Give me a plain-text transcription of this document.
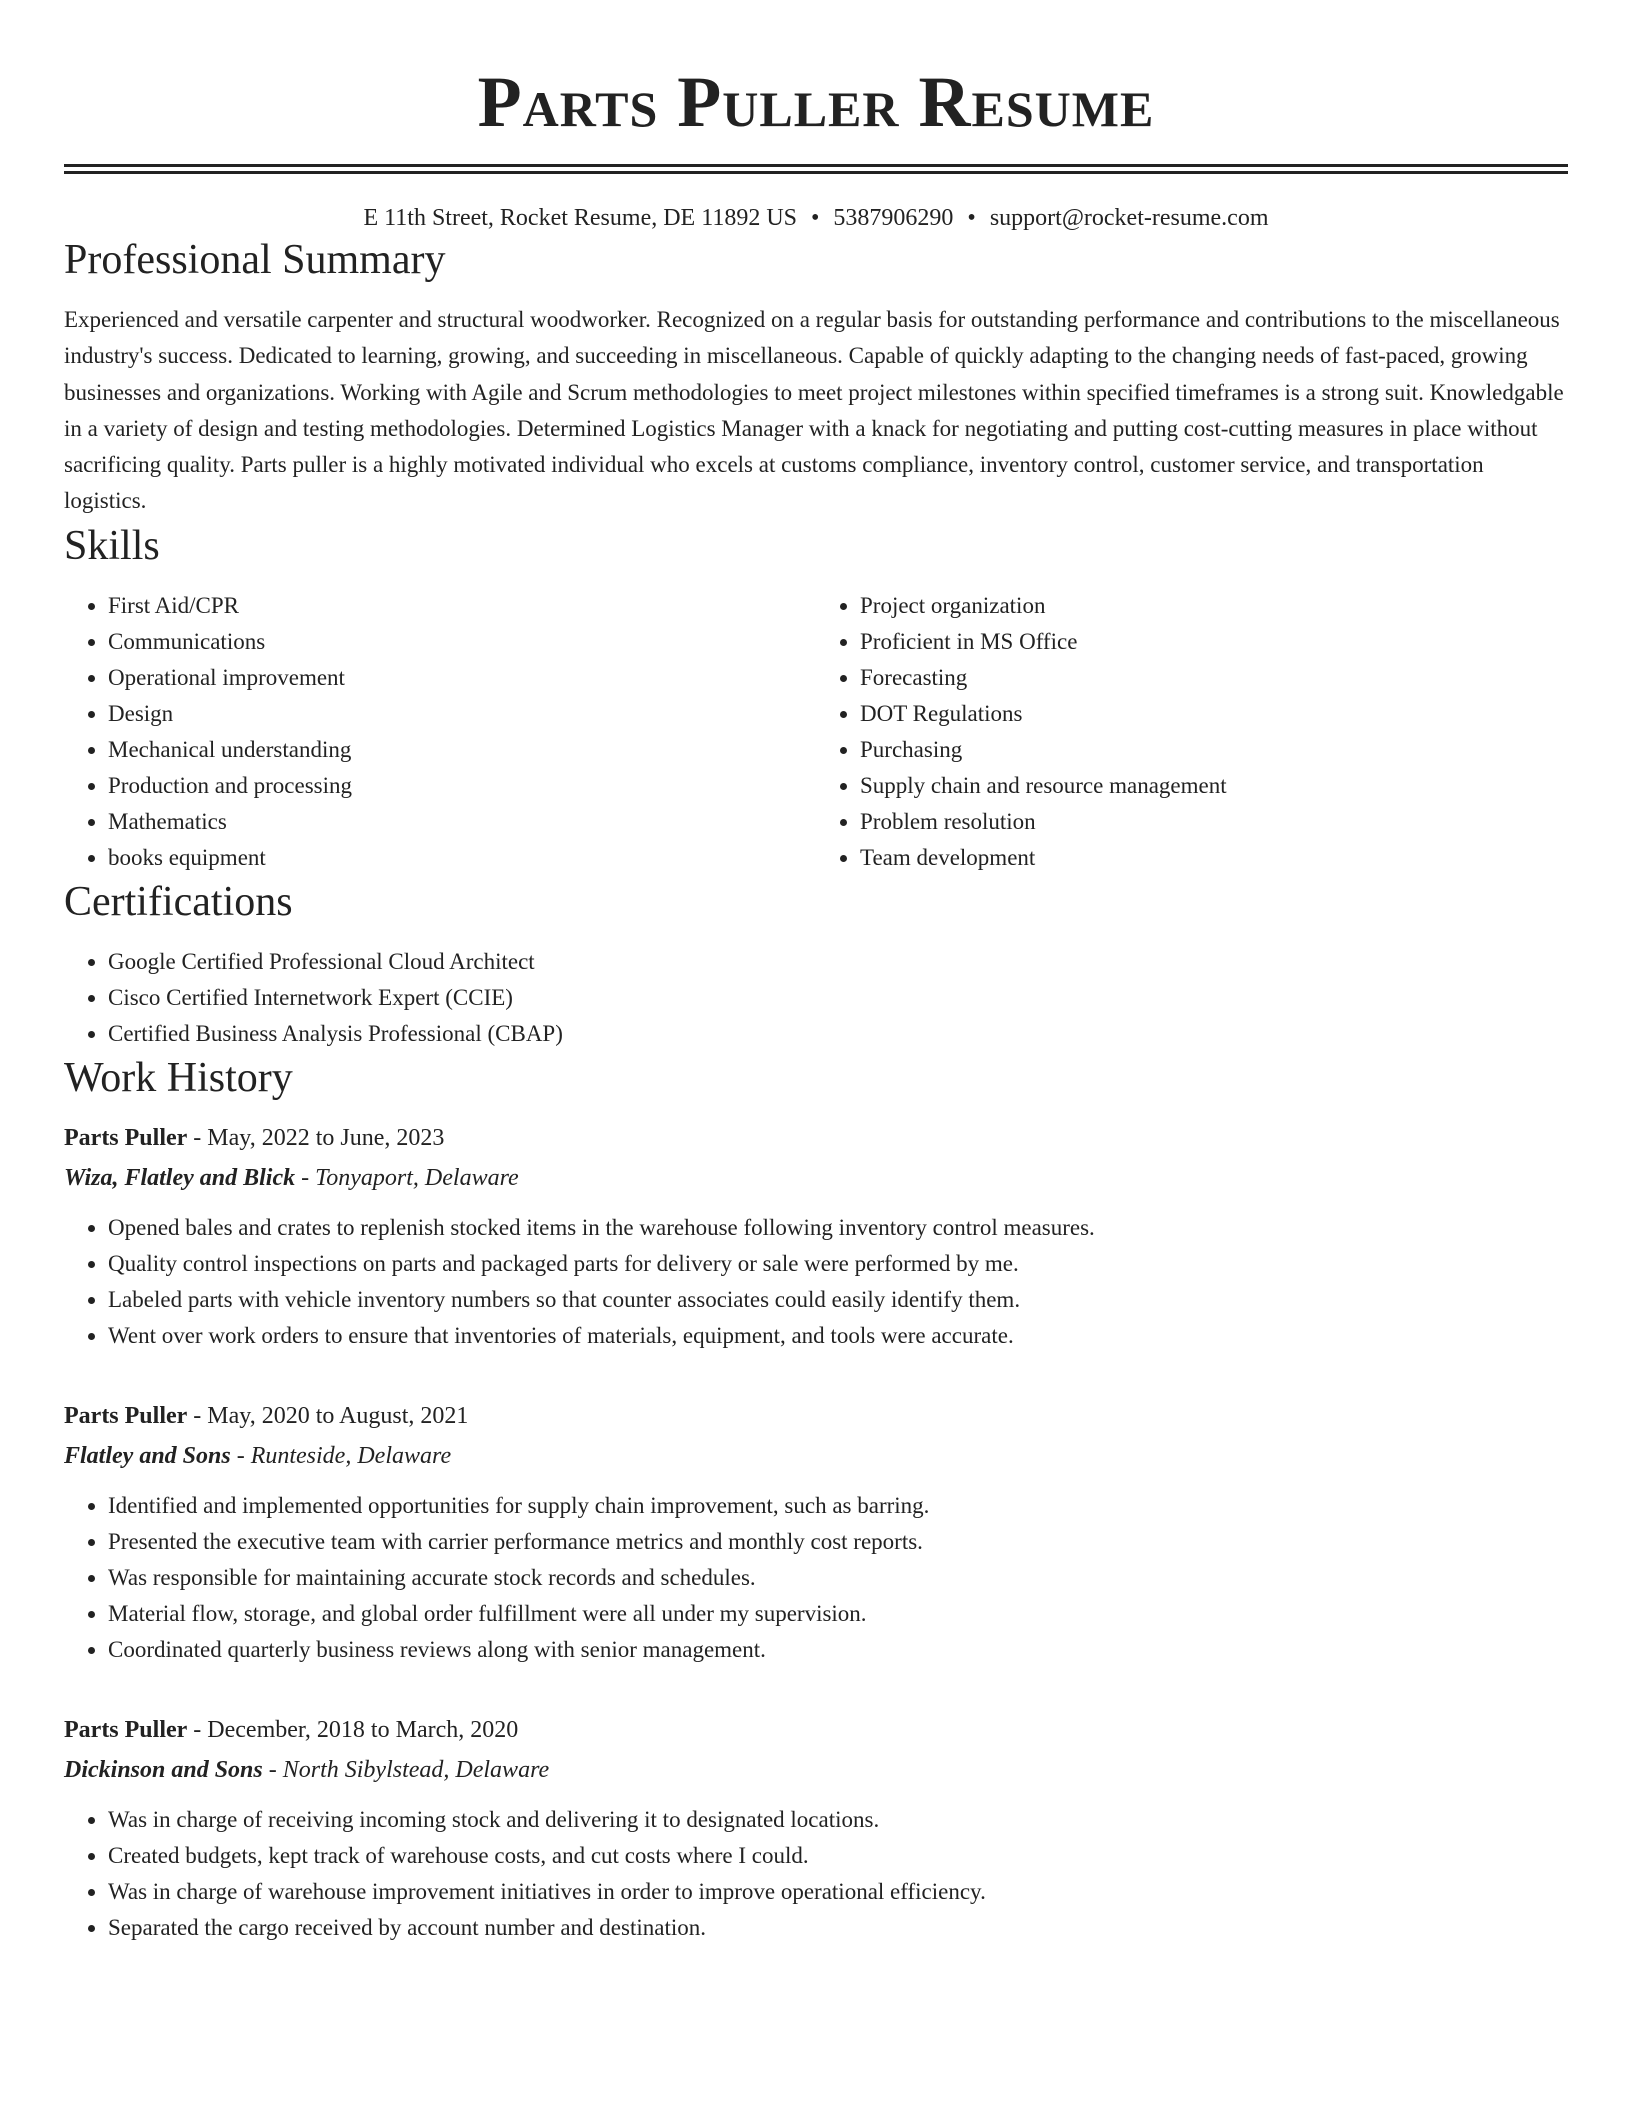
Parts Puller Resume
E 11th Street, Rocket Resume, DE 11892 US • 5387906290 • support@rocket-resume.com
Professional Summary

Experienced and versatile carpenter and structural woodworker. Recognized on a regular basis for outstanding performance and contributions to the miscellaneous industry's success. Dedicated to learning, growing, and succeeding in miscellaneous. Capable of quickly adapting to the changing needs of fast-paced, growing businesses and organizations. Working with Agile and Scrum methodologies to meet project milestones within specified timeframes is a strong suit. Knowledgable in a variety of design and testing methodologies. Determined Logistics Manager with a knack for negotiating and putting cost-cutting measures in place without sacrificing quality. Parts puller is a highly motivated individual who excels at customs compliance, inventory control, customer service, and transportation logistics.

Skills
• First Aid/CPR
• Communications
• Operational improvement
• Design
• Mechanical understanding
• Production and processing
• Mathematics
• books equipment
• Project organization
• Proficient in MS Office
• Forecasting
• DOT Regulations
• Purchasing
• Supply chain and resource management
• Problem resolution
• Team development
Certifications
• Google Certified Professional Cloud Architect
• Cisco Certified Internetwork Expert (CCIE)
• Certified Business Analysis Professional (CBAP)
Work History
Parts Puller - May, 2022 to June, 2023
Wiza, Flatley and Blick - Tonyaport, Delaware
• Opened bales and crates to replenish stocked items in the warehouse following inventory control measures.
• Quality control inspections on parts and packaged parts for delivery or sale were performed by me.
• Labeled parts with vehicle inventory numbers so that counter associates could easily identify them.
• Went over work orders to ensure that inventories of materials, equipment, and tools were accurate.
Parts Puller - May, 2020 to August, 2021
Flatley and Sons - Runteside, Delaware
• Identified and implemented opportunities for supply chain improvement, such as barring.
• Presented the executive team with carrier performance metrics and monthly cost reports.
• Was responsible for maintaining accurate stock records and schedules.
• Material flow, storage, and global order fulfillment were all under my supervision.
• Coordinated quarterly business reviews along with senior management.
Parts Puller - December, 2018 to March, 2020
Dickinson and Sons - North Sibylstead, Delaware
• Was in charge of receiving incoming stock and delivering it to designated locations.
• Created budgets, kept track of warehouse costs, and cut costs where I could.
• Was in charge of warehouse improvement initiatives in order to improve operational efficiency.
• Separated the cargo received by account number and destination.
